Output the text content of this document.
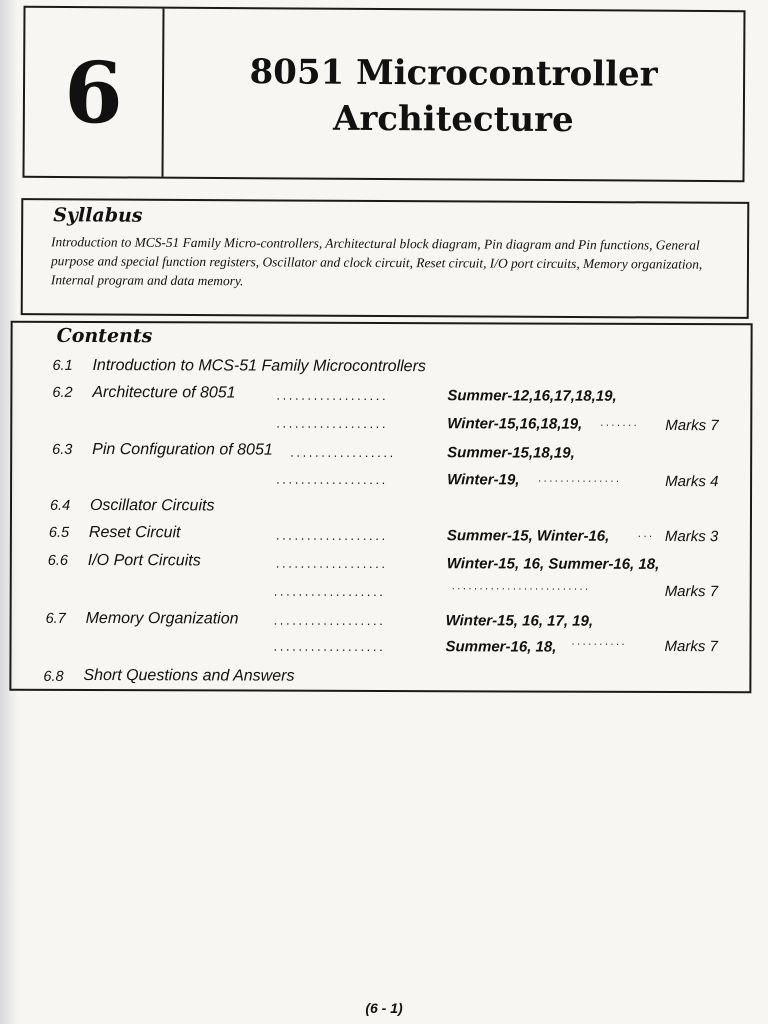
6	8051 Microcontroller
Architecture
Syllabus

Introduction to MCS-51 Family Micro-controllers, Architectural block diagram, Pin diagram and Pin functions, General purpose and special function registers, Oscillator and clock circuit, Reset circuit, I/O port circuits, Memory organization, Internal program and data memory.

Contents
6.1 Introduction to MCS-51 Family Microcontrollers
6.2 Architecture of 8051	..................	Summer-12,16,17,18,19,
..................	Winter-15,16,18,19, ....... Marks 7
6.3 Pin Configuration of 8051 .................	Summer-15,18,19,
..................	Winter-19, ...............	Marks 4
6.4 Oscillator Circuits
6.5 Reset Circuit	..................	Summer-15, Winter-16,	... Marks 3
6.6 I/O Port Circuits	..................	Winter-15, 16, Summer-16, 18,
..................	.........................	Marks 7
6.7 Memory Organization	..................	Winter-15, 16, 17, 19,
..................	Summer-16, 18, .......... Marks 7
6.8 Short Questions and Answers
(6 - 1)
